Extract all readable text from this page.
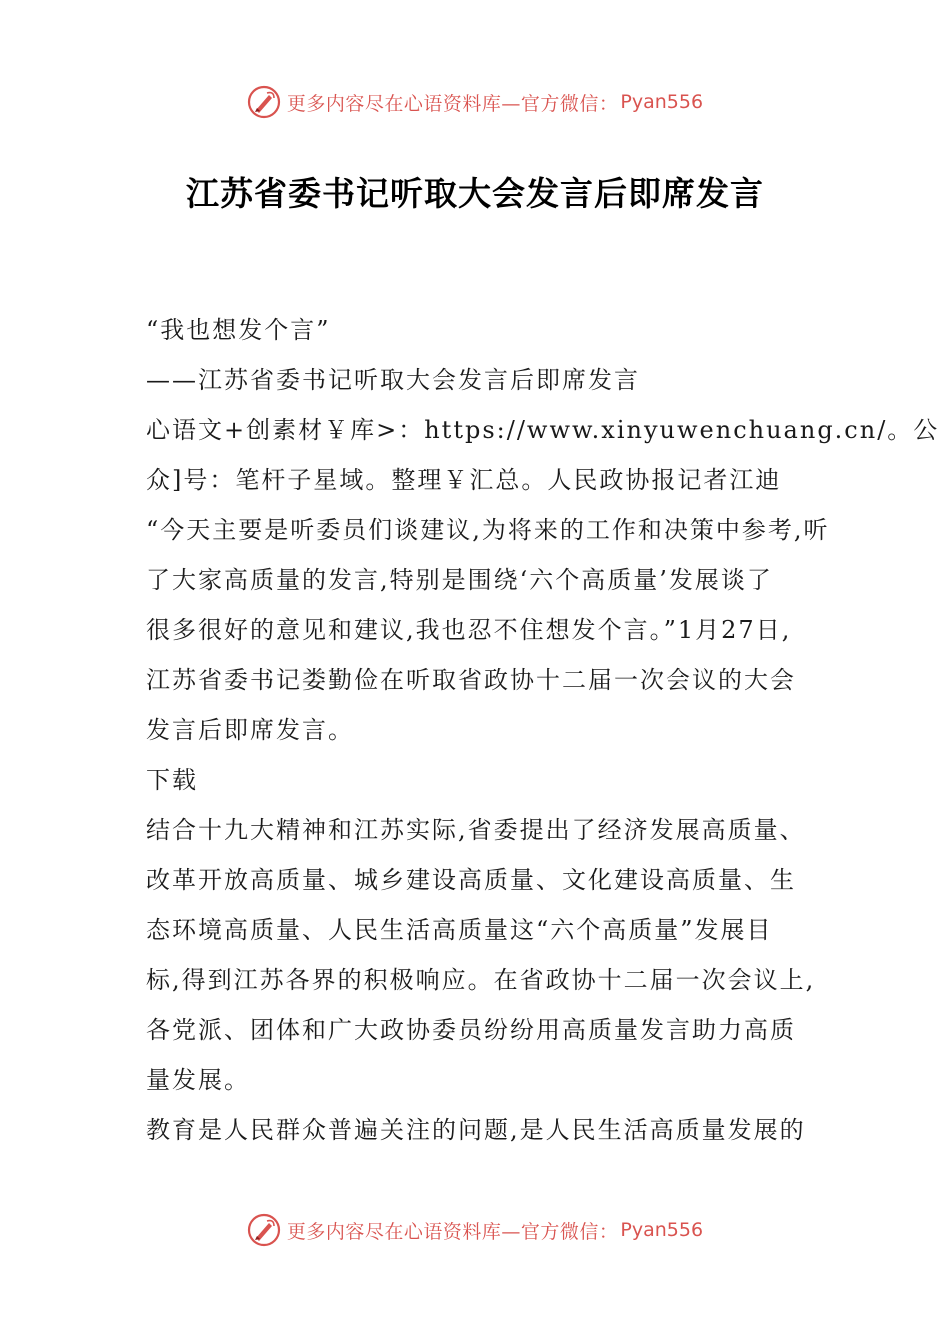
更多内容尽在心语资料库—官方微信： Pyan556
江苏省委书记听取大会发言后即席发言
“我也想发个言”
——江苏省委书记听取大会发言后即席发言
心语文+创素材￥库>：https://www.xinyuwenchuang.cn/。公
众]号：笔杆子星域。整理￥汇总。人民政协报记者江迪
“今天主要是听委员们谈建议,为将来的工作和决策中参考,听
了大家高质量的发言,特别是围绕‘六个高质量’发展谈了
很多很好的意见和建议,我也忍不住想发个言。”1月27日,
江苏省委书记娄勤俭在听取省政协十二届一次会议的大会
发言后即席发言。
下载
结合十九大精神和江苏实际,省委提出了经济发展高质量、
改革开放高质量、城乡建设高质量、文化建设高质量、生
态环境高质量、人民生活高质量这“六个高质量”发展目
标,得到江苏各界的积极响应。在省政协十二届一次会议上,
各党派、团体和广大政协委员纷纷用高质量发言助力高质
量发展。
教育是人民群众普遍关注的问题,是人民生活高质量发展的
更多内容尽在心语资料库—官方微信： Pyan556
